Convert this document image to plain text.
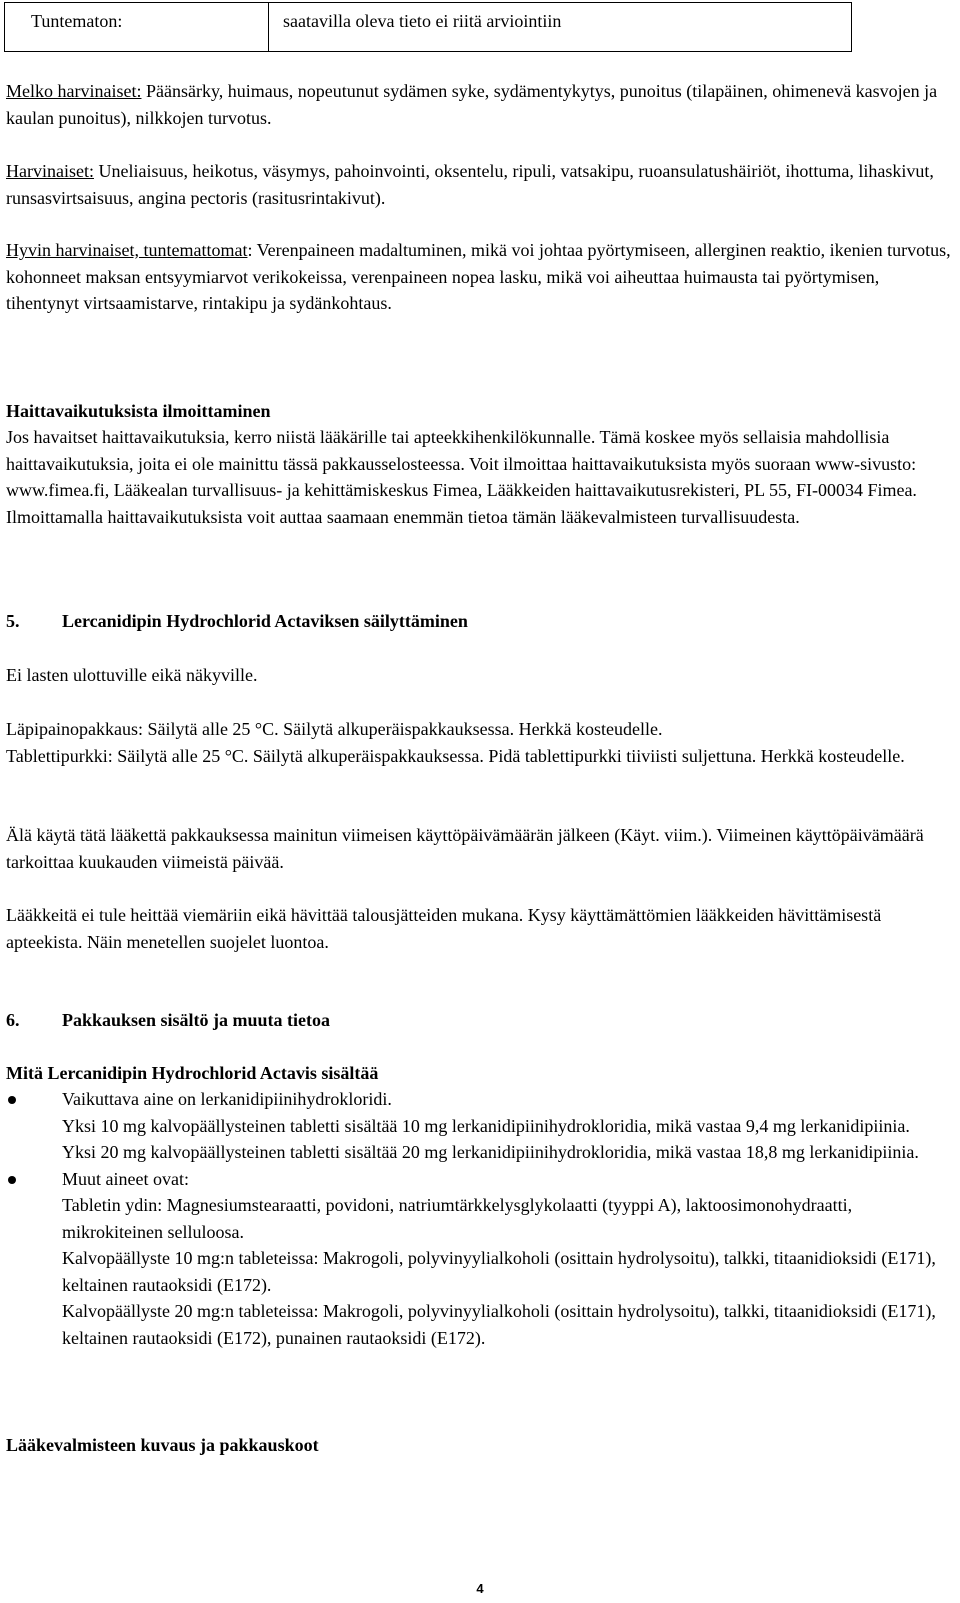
Tuntematon:	saatavilla oleva tieto ei riitä arviointiin

Melko harvinaiset: Päänsärky, huimaus, nopeutunut sydämen syke, sydämentykytys, punoitus (tilapäinen, ohimenevä kasvojen ja kaulan punoitus), nilkkojen turvotus.

Harvinaiset: Uneliaisuus, heikotus, väsymys, pahoinvointi, oksentelu, ripuli, vatsakipu, ruoansulatushäiriöt, ihottuma, lihaskivut, runsasvirtsaisuus, angina pectoris (rasitusrintakivut).

Hyvin harvinaiset, tuntemattomat: Verenpaineen madaltuminen, mikä voi johtaa pyörtymiseen, allerginen reaktio, ikenien turvotus, kohonneet maksan entsyymiarvot verikokeissa, verenpaineen nopea lasku, mikä voi aiheuttaa huimausta tai pyörtymisen, tihentynyt virtsaamistarve, rintakipu ja sydänkohtaus.

Haittavaikutuksista ilmoittaminen

Jos havaitset haittavaikutuksia, kerro niistä lääkärille tai apteekkihenkilökunnalle. Tämä koskee myös sellaisia mahdollisia haittavaikutuksia, joita ei ole mainittu tässä pakkausselosteessa. Voit ilmoittaa haittavaikutuksista myös suoraan www-sivusto: www.fimea.fi, Lääkealan turvallisuus- ja kehittämiskeskus Fimea, Lääkkeiden haittavaikutusrekisteri, PL 55, FI-00034 Fimea. Ilmoittamalla haittavaikutuksista voit auttaa saamaan enemmän tietoa tämän lääkevalmisteen turvallisuudesta.

5.	Lercanidipin Hydrochlorid Actaviksen säilyttäminen

Ei lasten ulottuville eikä näkyville.

Läpipainopakkaus: Säilytä alle 25 °C. Säilytä alkuperäispakkauksessa. Herkkä kosteudelle.

Tablettipurkki: Säilytä alle 25 °C. Säilytä alkuperäispakkauksessa. Pidä tablettipurkki tiiviisti suljettuna. Herkkä kosteudelle.

Älä käytä tätä lääkettä pakkauksessa mainitun viimeisen käyttöpäivämäärän jälkeen (Käyt. viim.). Viimeinen käyttöpäivämäärä tarkoittaa kuukauden viimeistä päivää.

Lääkkeitä ei tule heittää viemäriin eikä hävittää talousjätteiden mukana. Kysy käyttämättömien lääkkeiden hävittämisestä apteekista. Näin menetellen suojelet luontoa.

6.	Pakkauksen sisältö ja muuta tietoa

Mitä Lercanidipin Hydrochlorid Actavis sisältää

Vaikuttava aine on lerkanidipiinihydrokloridi.

Yksi 10 mg kalvopäällysteinen tabletti sisältää 10 mg lerkanidipiinihydrokloridia, mikä vastaa 9,4 mg lerkanidipiinia.

Yksi 20 mg kalvopäällysteinen tabletti sisältää 20 mg lerkanidipiinihydrokloridia, mikä vastaa 18,8 mg lerkanidipiinia.

Muut aineet ovat:

Tabletin ydin: Magnesiumstearaatti, povidoni, natriumtärkkelysglykolaatti (tyyppi A), laktoosimonohydraatti, mikrokiteinen selluloosa.

Kalvopäällyste 10 mg:n tableteissa: Makrogoli, polyvinyylialkoholi (osittain hydrolysoitu), talkki, titaanidioksidi (E171), keltainen rautaoksidi (E172).

Kalvopäällyste 20 mg:n tableteissa: Makrogoli, polyvinyylialkoholi (osittain hydrolysoitu), talkki, titaanidioksidi (E171), keltainen rautaoksidi (E172), punainen rautaoksidi (E172).

Lääkevalmisteen kuvaus ja pakkauskoot

4
